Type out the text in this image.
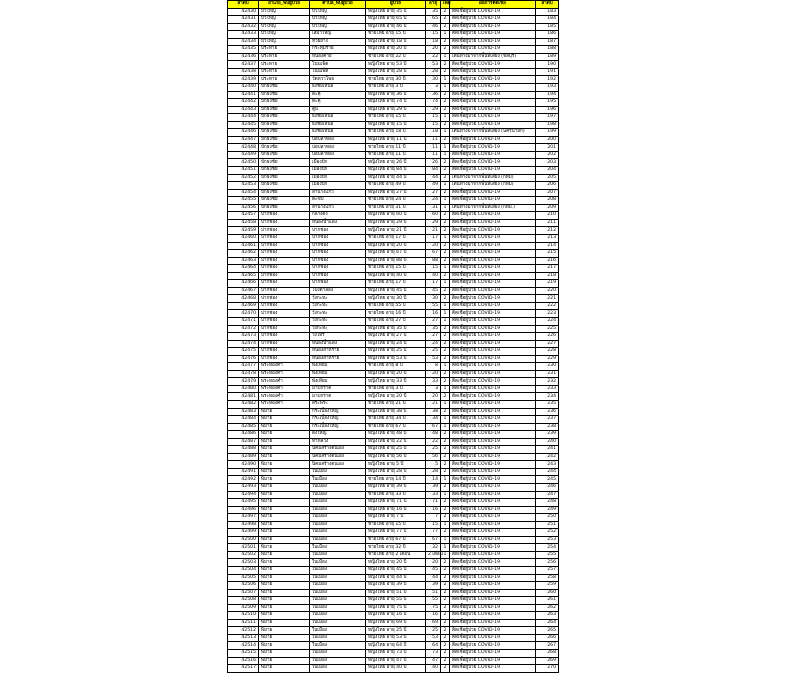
ลำดับ	อำเภอ_พบผู้ป่วย	ตำบล_พบผู้ป่วย	ผู้ป่วย	อายุ	เพศ	ผลการติดเชื้อ	ลำดับ
42430	บัวใหญ่	บัวใหญ่	หญิงไทย อายุ 35 ปี	35	2	ติดเชื้อผู้ป่วย COVID-19	183
42431	บัวใหญ่	บัวใหญ่	หญิงไทย อายุ 65 ปี	65	2	ติดเชื้อผู้ป่วย COVID-19	184
42432	บัวใหญ่	บัวใหญ่	หญิงไทย อายุ 46 ปี	46	2	ติดเชื้อผู้ป่วย COVID-19	185
42433	บัวใหญ่	เสมาใหญ่	ชายไทย อายุ 15 ปี	15	1	ติดเชื้อผู้ป่วย COVID-19	186
42434	บัวใหญ่	ห้วยยาง	หญิงไทย อายุ 18 ปี	18	2	ติดเชื้อผู้ป่วย COVID-19	187
42435	ประทาย	กระทุ่มราย	หญิงไทย อายุ 20 ปี	20	2	ติดเชื้อผู้ป่วย COVID-19	188
42436	ประทาย	หนองค่าย	ชายไทย อายุ 22 ปี	22	1	เดินทางมาจากพื้นที่เสี่ยง (ชลบุรี)	189
42437	ประทาย	โนนเพ็ด	หญิงไทย อายุ 53 ปี	53	2	ติดเชื้อผู้ป่วย COVID-19	190
42438	ประทาย	โนนเพ็ด	หญิงไทย อายุ 28 ปี	28	2	ติดเชื้อผู้ป่วย COVID-19	191
42439	ประทาย	วัดหวาโพธ	ชายไทย อายุ 30 ปี	30	1	ติดเชื้อผู้ป่วย COVID-19	192
42440	ปักธงชัย	ธงชัยเหนือ	ชายไทย อายุ 3 ปี	3	1	ติดเชื้อผู้ป่วย COVID-19	193
42441	ปักธงชัย	ตะคุ	หญิงไทย อายุ 36 ปี	36	2	ติดเชื้อผู้ป่วย COVID-19	194
42442	ปักธงชัย	ตะคุ	หญิงไทย อายุ 74 ปี	74	2	ติดเชื้อผู้ป่วย COVID-19	195
42443	ปักธงชัย	ตูม	หญิงไทย อายุ 29 ปี	29	2	ติดเชื้อผู้ป่วย COVID-19	196
42444	ปักธงชัย	ธงชัยเหนือ	ชายไทย อายุ 15 ปี	15	1	ติดเชื้อผู้ป่วย COVID-19	197
42445	ปักธงชัย	ธงชัยเหนือ	หญิงไทย อายุ 15 ปี	15	2	ติดเชื้อผู้ป่วย COVID-19	198
42446	ปักธงชัย	ธงชัยเหนือ	ชายไทย อายุ 18 ปี	18	1	เดินทางมาจากพื้นที่เสี่ยง (นครนายก)	199
42447	ปักธงชัย	บ่อปลาทอง	หญิงไทย อายุ 11 ปี	11	2	ติดเชื้อผู้ป่วย COVID-19	200
42448	ปักธงชัย	บ่อปลาทอง	ชายไทย อายุ 11 ปี	11	1	ติดเชื้อผู้ป่วย COVID-19	201
42449	ปักธงชัย	บ่อปลาทอง	ชายไทย อายุ 11 ปี	11	1	ติดเชื้อผู้ป่วย COVID-19	202
42450	ปักธงชัย	เมืองปัก	หญิงไทย อายุ 26 ปี	26	2	ติดเชื้อผู้ป่วย COVID-19	203
42451	ปักธงชัย	เมืองปัก	หญิงไทย อายุ 84 ปี	84	2	ติดเชื้อผู้ป่วย COVID-19	204
42452	ปักธงชัย	เมืองปัก	หญิงไทย อายุ 44 ปี	44	2	เดินทางมาจากพื้นที่เสี่ยง (กทม)	205
42453	ปักธงชัย	เมืองปัก	ชายไทย อายุ 49 ปี	49	1	เดินทางมาจากพื้นที่เสี่ยง (กทม)	206
42454	ปักธงชัย	ลำนางแก้ว	หญิงไทย อายุ 27 ปี	27	2	ติดเชื้อผู้ป่วย COVID-19	207
42455	ปักธงชัย	ตะขบ	ชายไทย อายุ 24 ปี	24	1	ติดเชื้อผู้ป่วย COVID-19	208
42456	ปักธงชัย	ลำนางแก้ว	ชายไทย อายุ 31 ปี	31	1	เดินทางมาจากพื้นที่เสี่ยง (กทม.)	209
42457	ปากช่อง	กลางดง	หญิงไทย อายุ 60 ปี	60	2	ติดเชื้อผู้ป่วย COVID-19	210
42458	ปากช่อง	หนองน้ำแดง	หญิงไทย อายุ 29 ปี	29	2	ติดเชื้อผู้ป่วย COVID-19	211
42459	ปากช่อง	ปากช่อง	หญิงไทย อายุ 21 ปี	21	2	ติดเชื้อผู้ป่วย COVID-19	212
42460	ปากช่อง	ปากช่อง	ชายไทย อายุ 17 ปี	17	1	ติดเชื้อผู้ป่วย COVID-19	213
42461	ปากช่อง	ปากช่อง	หญิงไทย อายุ 20 ปี	20	2	ติดเชื้อผู้ป่วย COVID-19	214
42462	ปากช่อง	ปากช่อง	หญิงไทย อายุ 67 ปี	67	2	ติดเชื้อผู้ป่วย COVID-19	215
42463	ปากช่อง	ปากช่อง	หญิงไทย อายุ 88 ปี	88	2	ติดเชื้อผู้ป่วย COVID-19	216
42464	ปากช่อง	ปากช่อง	ชายไทย อายุ 15 ปี	15	1	ติดเชื้อผู้ป่วย COVID-19	217
42465	ปากช่อง	ปากช่อง	หญิงไทย อายุ 40 ปี	40	2	ติดเชื้อผู้ป่วย COVID-19	218
42466	ปากช่อง	ปากช่อง	ชายไทย อายุ 17 ปี	17	1	ติดเชื้อผู้ป่วย COVID-19	219
42467	ปากช่อง	โป่งตาลอง	หญิงไทย อายุ 45 ปี	45	2	ติดเชื้อผู้ป่วย COVID-19	220
42468	ปากช่อง	วังกะทะ	หญิงไทย อายุ 30 ปี	30	2	ติดเชื้อผู้ป่วย COVID-19	221
42469	ปากช่อง	วังกะทะ	ชายไทย อายุ 55 ปี	55	1	ติดเชื้อผู้ป่วย COVID-19	222
42470	ปากช่อง	วังกะทะ	ชายไทย อายุ 16 ปี	16	1	ติดเชื้อผู้ป่วย COVID-19	223
42471	ปากช่อง	วังกะทะ	ชายไทย อายุ 27 ปี	27	1	ติดเชื้อผู้ป่วย COVID-19	224
42472	ปากช่อง	วังกะทะ	หญิงไทย อายุ 35 ปี	35	2	ติดเชื้อผู้ป่วย COVID-19	225
42473	ปากช่อง	วังไทร	หญิงไทย อายุ 27 ปี	27	2	ติดเชื้อผู้ป่วย COVID-19	226
42474	ปากช่อง	หนองน้ำแดง	หญิงไทย อายุ 24 ปี	24	2	ติดเชื้อผู้ป่วย COVID-19	227
42475	ปากช่อง	หนองสาหร่าย	หญิงไทย อายุ 25 ปี	25	2	ติดเชื้อผู้ป่วย COVID-19	228
42476	ปากช่อง	หนองสาหร่าย	หญิงไทย อายุ 53 ปี	53	2	ติดเชื้อผู้ป่วย COVID-19	229
42477	พระทองคำ	พังเทียม	ชายไทย อายุ 8 ปี	8	1	ติดเชื้อผู้ป่วย COVID-19	230
42478	พระทองคำ	พังเทียม	หญิงไทย อายุ 20 ปี	20	2	ติดเชื้อผู้ป่วย COVID-19	231
42479	พระทองคำ	พังเทียม	หญิงไทย อายุ 33 ปี	33	2	ติดเชื้อผู้ป่วย COVID-19	232
42480	พระทองคำ	มาบกราด	ชายไทย อายุ 3 ปี	3	1	ติดเชื้อผู้ป่วย COVID-19	233
42481	พระทองคำ	มาบกราด	หญิงไทย อายุ 20 ปี	20	2	ติดเชื้อผู้ป่วย COVID-19	234
42482	พระทองคำ	สระพระ	ชายไทย อายุ 21 ปี	21	1	ติดเชื้อผู้ป่วย COVID-19	235
42483	พิมาย	กระเบื้องใหญ่	หญิงไทย อายุ 38 ปี	38	2	ติดเชื้อผู้ป่วย COVID-19	236
42484	พิมาย	กระเบื้องใหญ่	ชายไทย อายุ 34 ปี	34	1	ติดเชื้อผู้ป่วย COVID-19	237
42485	พิมาย	กระเบื้องใหญ่	ชายไทย อายุ 67 ปี	67	1	ติดเชื้อผู้ป่วย COVID-19	238
42486	พิมาย	ดงใหญ่	หญิงไทย อายุ 48 ปี	48	2	ติดเชื้อผู้ป่วย COVID-19	239
42487	พิมาย	ท่าหลวง	หญิงไทย อายุ 22 ปี	22	2	ติดเชื้อผู้ป่วย COVID-19	240
42488	พิมาย	นิคมสร้างตนเอง	หญิงไทย อายุ 25 ปี	25	2	ติดเชื้อผู้ป่วย COVID-19	241
42489	พิมาย	นิคมสร้างตนเอง	หญิงไทย อายุ 56 ปี	56	2	ติดเชื้อผู้ป่วย COVID-19	242
42490	พิมาย	นิคมสร้างตนเอง	หญิงไทย อายุ 5 ปี	5	2	ติดเชื้อผู้ป่วย COVID-19	243
42491	พิมาย	ในเมือง	หญิงไทย อายุ 28 ปี	28	2	ติดเชื้อผู้ป่วย COVID-19	244
42492	พิมาย	ในเมือง	ชายไทย อายุ 14 ปี	14	1	ติดเชื้อผู้ป่วย COVID-19	245
42493	พิมาย	ในเมือง	หญิงไทย อายุ 39 ปี	39	2	ติดเชื้อผู้ป่วย COVID-19	246
42494	พิมาย	ในเมือง	ชายไทย อายุ 33 ปี	33	1	ติดเชื้อผู้ป่วย COVID-19	247
42495	พิมาย	ในเมือง	หญิงไทย อายุ 71 ปี	71	2	ติดเชื้อผู้ป่วย COVID-19	248
42496	พิมาย	ในเมือง	หญิงไทย อายุ 16 ปี	16	2	ติดเชื้อผู้ป่วย COVID-19	249
42497	พิมาย	ในเมือง	หญิงไทย อายุ 7 ปี	7	2	ติดเชื้อผู้ป่วย COVID-19	250
42498	พิมาย	ในเมือง	ชายไทย อายุ 15 ปี	15	1	ติดเชื้อผู้ป่วย COVID-19	251
42499	พิมาย	ในเมือง	หญิงไทย อายุ 77 ปี	77	2	ติดเชื้อผู้ป่วย COVID-19	252
42500	พิมาย	ในเมือง	ชายไทย อายุ 67 ปี	67	1	ติดเชื้อผู้ป่วย COVID-19	253
42501	พิมาย	ในเมือง	ชายไทย อายุ 32 ปี	32	1	ติดเชื้อผู้ป่วย COVID-19	254
42502	พิมาย	ในเมือง	ชายไทย อายุ 2 เดือน	2 เดือน	1	ติดเชื้อผู้ป่วย COVID-19	255
42503	พิมาย	ในเมือง	หญิงไทย อายุ 20 ปี	20	2	ติดเชื้อผู้ป่วย COVID-19	256
42504	พิมาย	ในเมือง	หญิงไทย อายุ 45 ปี	45	2	ติดเชื้อผู้ป่วย COVID-19	257
42505	พิมาย	ในเมือง	หญิงไทย อายุ 44 ปี	44	2	ติดเชื้อผู้ป่วย COVID-19	258
42506	พิมาย	ในเมือง	หญิงไทย อายุ 39 ปี	39	2	ติดเชื้อผู้ป่วย COVID-19	259
42507	พิมาย	ในเมือง	หญิงไทย อายุ 51 ปี	51	2	ติดเชื้อผู้ป่วย COVID-19	260
42508	พิมาย	ในเมือง	หญิงไทย อายุ 55 ปี	55	2	ติดเชื้อผู้ป่วย COVID-19	261
42509	พิมาย	ในเมือง	หญิงไทย อายุ 75 ปี	75	2	ติดเชื้อผู้ป่วย COVID-19	262
42510	พิมาย	ในเมือง	หญิงไทย อายุ 16 ปี	16	2	ติดเชื้อผู้ป่วย COVID-19	263
42511	พิมาย	ในเมือง	หญิงไทย อายุ 69 ปี	69	2	ติดเชื้อผู้ป่วย COVID-19	264
42512	พิมาย	ในเมือง	หญิงไทย อายุ 25 ปี	25	2	ติดเชื้อผู้ป่วย COVID-19	265
42513	พิมาย	ในเมือง	หญิงไทย อายุ 53 ปี	53	2	ติดเชื้อผู้ป่วย COVID-19	266
42514	พิมาย	ในเมือง	หญิงไทย อายุ 64 ปี	64	2	ติดเชื้อผู้ป่วย COVID-19	267
42515	พิมาย	ในเมือง	หญิงไทย อายุ 73 ปี	73	2	ติดเชื้อผู้ป่วย COVID-19	268
42516	พิมาย	ในเมือง	หญิงไทย อายุ 47 ปี	47	2	ติดเชื้อผู้ป่วย COVID-19	269
42517	พิมาย	ในเมือง	หญิงไทย อายุ 40 ปี	40	2	ติดเชื้อผู้ป่วย COVID-19	270
